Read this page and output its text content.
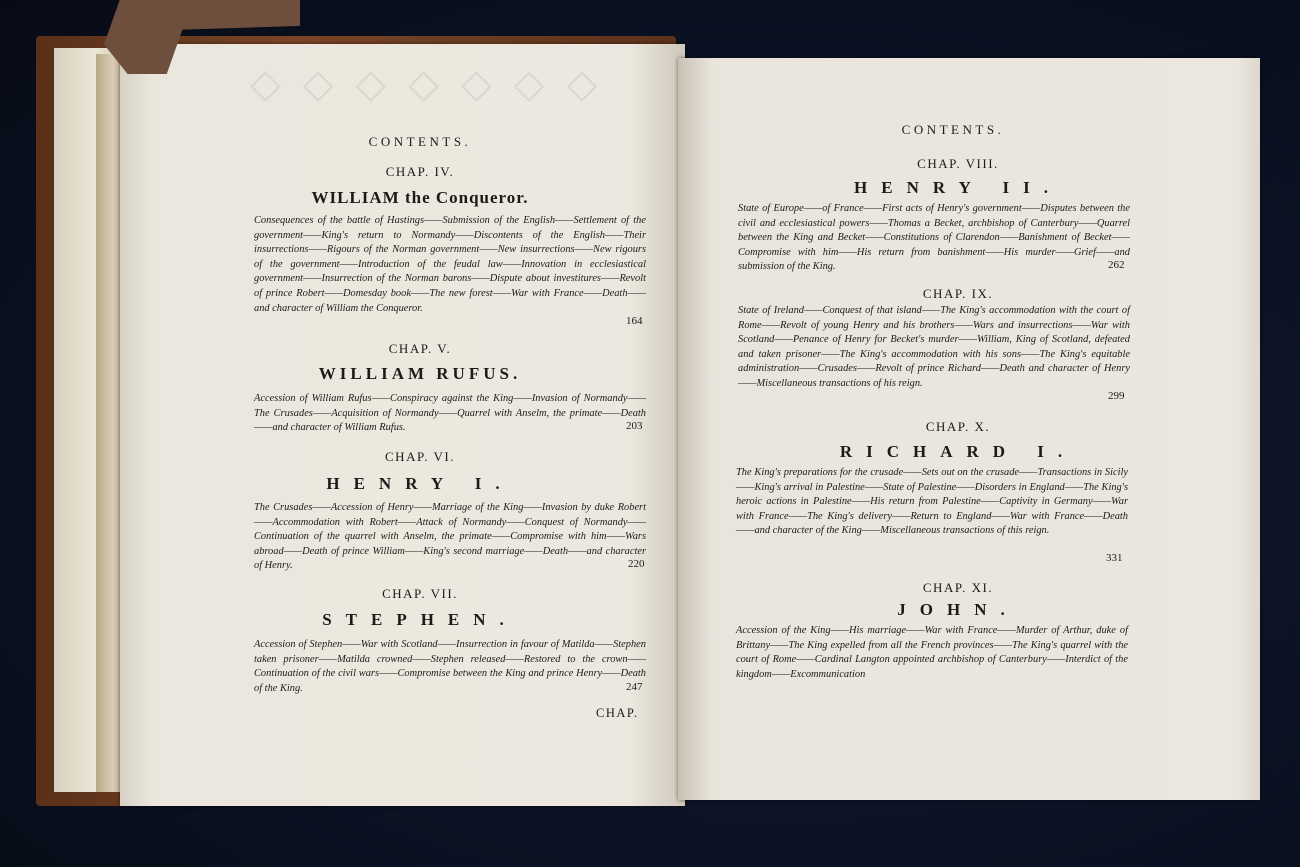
◇◇◇◇◇◇◇
CONTENTS.
CHAP. IV.
WILLIAM the Conqueror.
Consequences of the battle of Hastings——Submission of the English——Settlement of the government——King's return to Normandy——Discontents of the English——Their insurrections——Rigours of the Norman government——New insurrections——New rigours of the government——Introduction of the feudal law——Innovation in ecclesiastical government——Insurrection of the Norman barons——Dispute about investitures——Revolt of prince Robert——Domesday book——The new forest——War with France——Death——and character of William the Conqueror.
164
CHAP. V.
WILLIAM RUFUS.
Accession of William Rufus——Conspiracy against the King——Invasion of Normandy——The Crusades——Acquisition of Normandy——Quarrel with Anselm, the primate——Death——and character of William Rufus.	203
CHAP. VI.
HENRY I.
The Crusades——Accession of Henry——Marriage of the King——Invasion by duke Robert——Accommodation with Robert——Attack of Normandy——Conquest of Normandy——Continuation of the quarrel with Anselm, the primate——Compromise with him——Wars abroad——Death of prince William——King's second marriage——Death——and character of Henry.	220
CHAP. VII.
STEPHEN.
Accession of Stephen——War with Scotland——Insurrection in favour of Matilda——Stephen taken prisoner——Matilda crowned——Stephen released——Restored to the crown——Continuation of the civil wars——Compromise between the King and prince Henry——Death of the King.	247
CHAP.
CONTENTS.
CHAP. VIII.
HENRY II.
State of Europe——of France——First acts of Henry's government——Disputes between the civil and ecclesiastical powers——Thomas a Becket, archbishop of Canterbury——Quarrel between the King and Becket——Constitutions of Clarendon——Banishment of Becket——Compromise with him——His return from banishment——His murder——Grief——and submission of the King.	262
CHAP. IX.
State of Ireland——Conquest of that island——The King's accommodation with the court of Rome——Revolt of young Henry and his brothers——Wars and insurrections——War with Scotland——Penance of Henry for Becket's murder——William, King of Scotland, defeated and taken prisoner——The King's accommodation with his sons——The King's equitable administration——Crusades——Revolt of prince Richard——Death and character of Henry——Miscellaneous transactions of his reign.
299
CHAP. X.
RICHARD I.
The King's preparations for the crusade——Sets out on the crusade——Transactions in Sicily——King's arrival in Palestine——State of Palestine——Disorders in England——The King's heroic actions in Palestine——His return from Palestine——Captivity in Germany——War with France——The King's delivery——Return to England——War with France——Death——and character of the King——Miscellaneous transactions of this reign.
331
CHAP. XI.
JOHN.
Accession of the King——His marriage——War with France——Murder of Arthur, duke of Brittany——The King expelled from all the French provinces——The King's quarrel with the court of Rome——Cardinal Langton appointed archbishop of Canterbury——Interdict of the kingdom——Excommunication
